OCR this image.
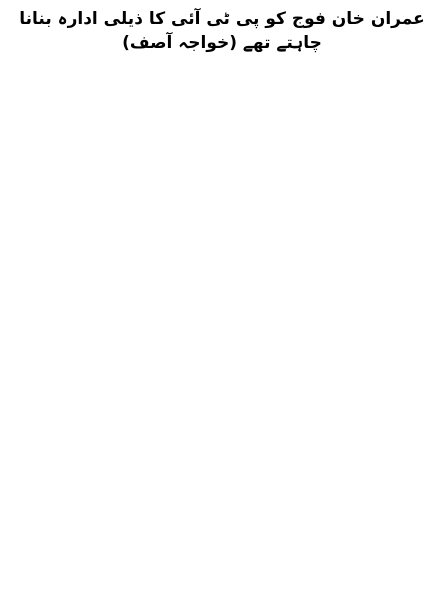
عمران خان فوج کو پی ٹی آئی کا ذیلی ادارہ بنانا چاہتے تھے (خواجہ آصف)
